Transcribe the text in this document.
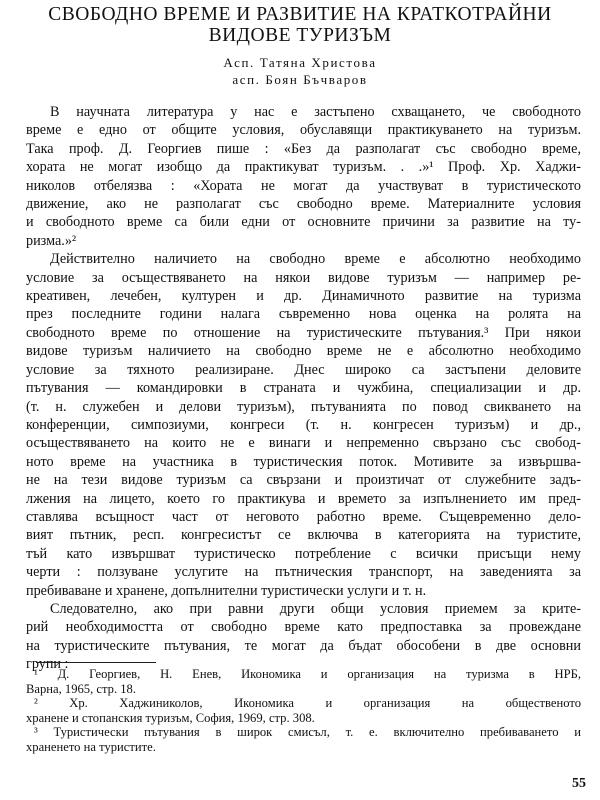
СВОБОДНО ВРЕМЕ И РАЗВИТИЕ НА КРАТКОТРАЙНИ
ВИДОВЕ ТУРИЗЪМ
Асп. Татяна Христова
асп. Боян Бъчваров

В научната литература у нас е застъпено схващането, че свободното
време е едно от общите условия, обуславящи практикуването на туризъм.
Така проф. Д. Георгиев пише : «Без да разполагат със свободно време,
хората не могат изобщо да практикуват туризъм. . .»¹ Проф. Хр. Хаджи-
николов отбелязва : «Хората не могат да участвуват в туристическото
движение, ако не разполагат със свободно време. Материалните условия
и свободното време са били едни от основните причини за развитие на ту-
ризма.»²

Действително наличието на свободно време е абсолютно необходимо
условие за осъществяването на някои видове туризъм — например ре-
креативен, лечебен, културен и др. Динамичното развитие на туризма
през последните години налага съвременно нова оценка на ролята на
свободното време по отношение на туристическите пътувания.³ При някои
видове туризъм наличието на свободно време не е абсолютно необходимо
условие за тяхното реализиране. Днес широко са застъпени деловите
пътувания — командировки в страната и чужбина, специализации и др.
(т. н. служебен и делови туризъм), пътуванията по повод свикването на
конференции, симпозиуми, конгреси (т. н. конгресен туризъм) и др.,
осъществяването на които не е винаги и непременно свързано със свобод-
ното време на участника в туристическия поток. Мотивите за извършва-
не на тези видове туризъм са свързани и произтичат от служебните задъ-
лжения на лицето, което го практикува и времето за изпълнението им пред-
ставлява всъщност част от неговото работно време. Същевременно дело-
вият пътник, респ. конгресистът се включва в категорията на туристите,
тъй като извършват туристическо потребление с всички присъщи нему
черти : ползуване услугите на пътническия транспорт, на заведенията за
пребиваване и хранене, допълнителни туристически услуги и т. н.

Следователно, ако при равни други общи условия приемем за крите-
рий необходимостта от свободно време като предпоставка за провеждане
на туристическите пътувания, те могат да бъдат обособени в две основни
групи :

¹ Д. Георгиев, Н. Енев, Икономика и организация на туризма в НРБ,
Варна, 1965, стр. 18.
² Хр. Хаджиниколов, Икономика и организация на общественото
хранене и стопанския туризъм, София, 1969, стр. 308.
³ Туристически пътувания в широк смисъл, т. е. включително пребиваването и
храненето на туристите.
55
